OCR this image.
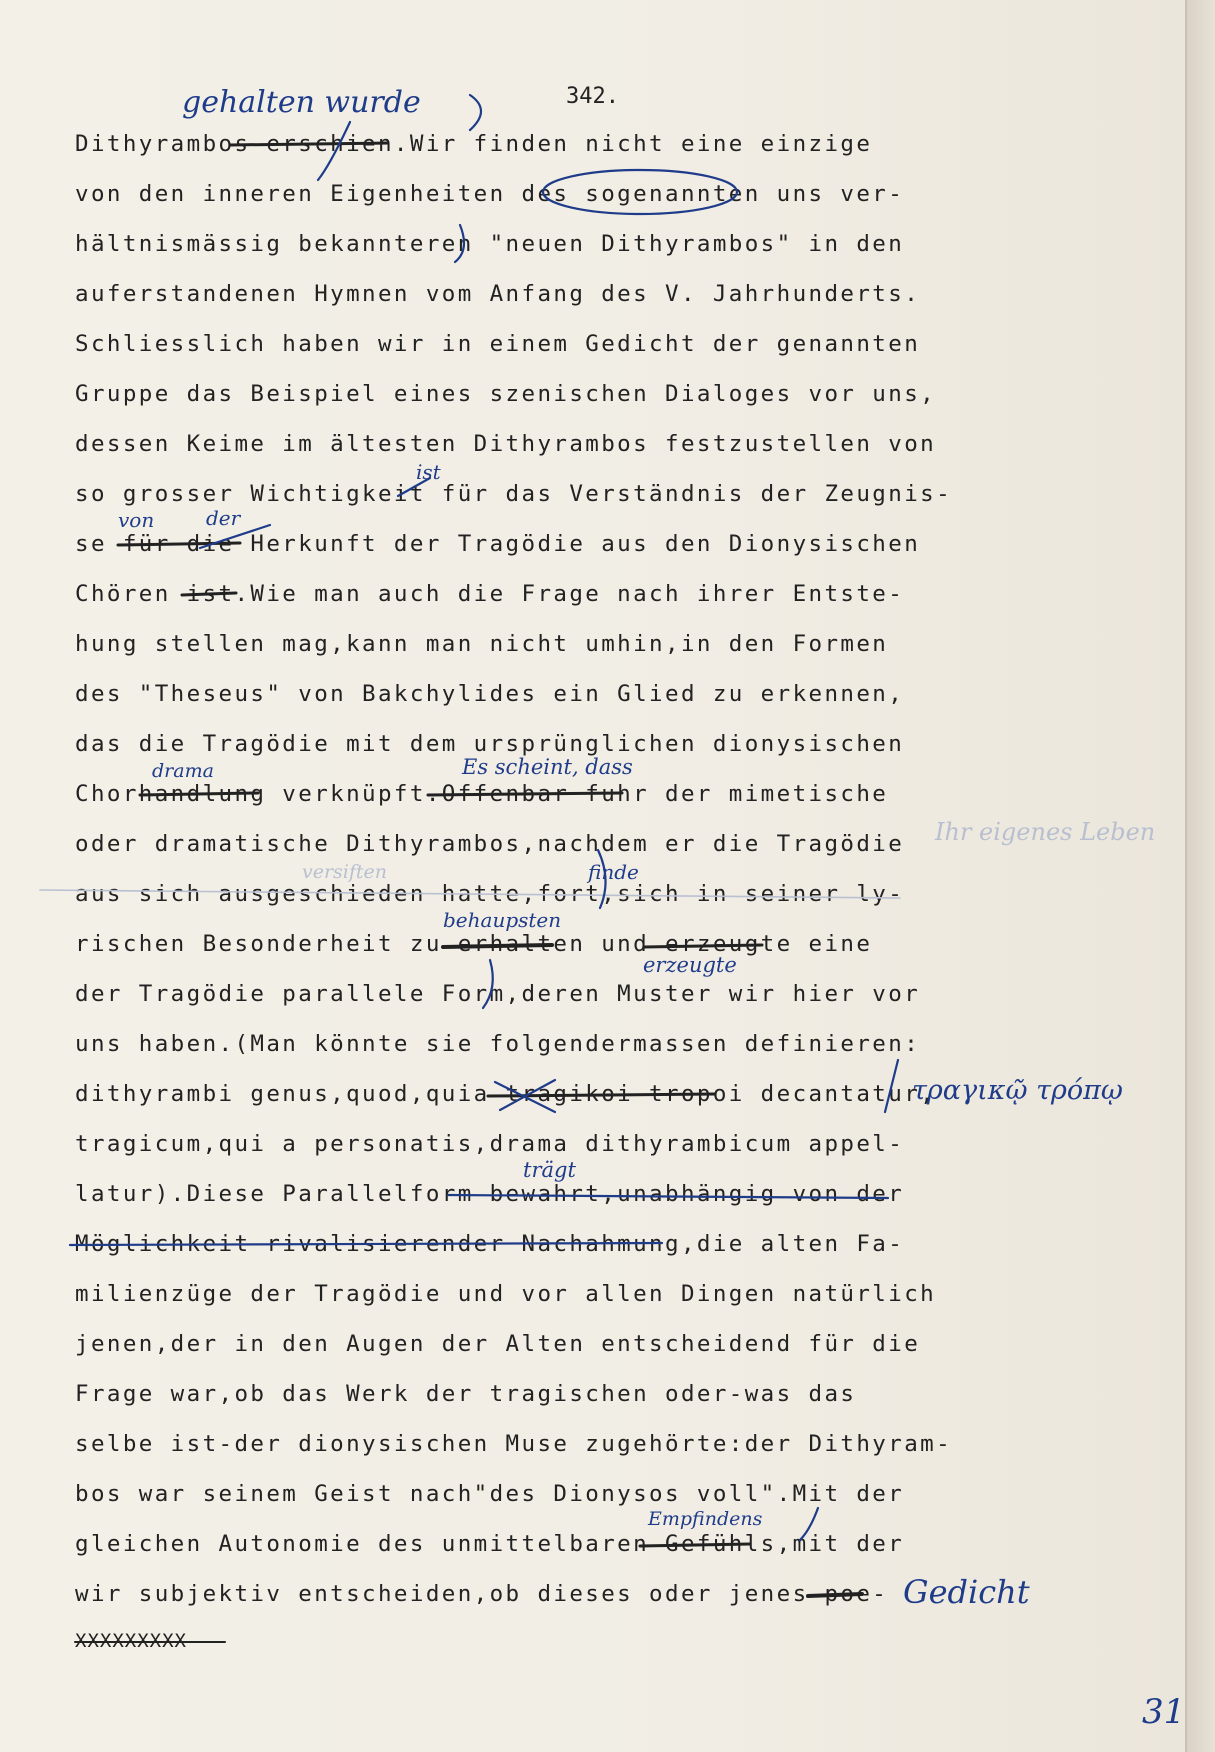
342.
Dithyrambos erschien.Wir finden nicht eine einzige
von den inneren Eigenheiten des sogenannten uns ver-
hältnismässig bekannteren "neuen Dithyrambos" in den
auferstandenen Hymnen vom Anfang des V. Jahrhunderts.
Schliesslich haben wir in einem Gedicht der genannten
Gruppe das Beispiel eines szenischen Dialoges vor uns,
dessen Keime im ältesten Dithyrambos festzustellen von
so grosser Wichtigkeit für das Verständnis der Zeugnis-
se für die Herkunft der Tragödie aus den Dionysischen
Chören ist.Wie man auch die Frage nach ihrer Entste-
hung stellen mag,kann man nicht umhin,in den Formen
des "Theseus" von Bakchylides ein Glied zu erkennen,
das die Tragödie mit dem ursprünglichen dionysischen
Chorhandlung verknüpft.Offenbar fuhr der mimetische
oder dramatische Dithyrambos,nachdem er die Tragödie
aus sich ausgeschieden hatte,fort,sich in seiner ly-
rischen Besonderheit zu erhalten und erzeugte eine
der Tragödie parallele Form,deren Muster wir hier vor
uns haben.(Man könnte sie folgendermassen definieren:
dithyrambi genus,quod,quia tragikoi tropoi decantatur,
tragicum,qui a personatis,drama dithyrambicum appel-
latur).Diese Parallelform bewahrt,unabhängig von der
Möglichkeit rivalisierender Nachahmung,die alten Fa-
milienzüge der Tragödie und vor allen Dingen natürlich
jenen,der in den Augen der Alten entscheidend für die
Frage war,ob das Werk der tragischen oder-was das
selbe ist-der dionysischen Muse zugehörte:der Dithyram-
bos war seinem Geist nach"des Dionysos voll".Mit der
gleichen Autonomie des unmittelbaren Gefühls,mit der
wir subjektiv entscheiden,ob dieses oder jenes poe-
XXXXXXXXX
gehalten wurde
von	der
ist
drama	Es scheint, dass
finde
behaupsten
erzeugte
trägt
Empfindens
τραγικῷ τρόπῳ
Gedicht
Ihr eigenes Leben
versiften
31
